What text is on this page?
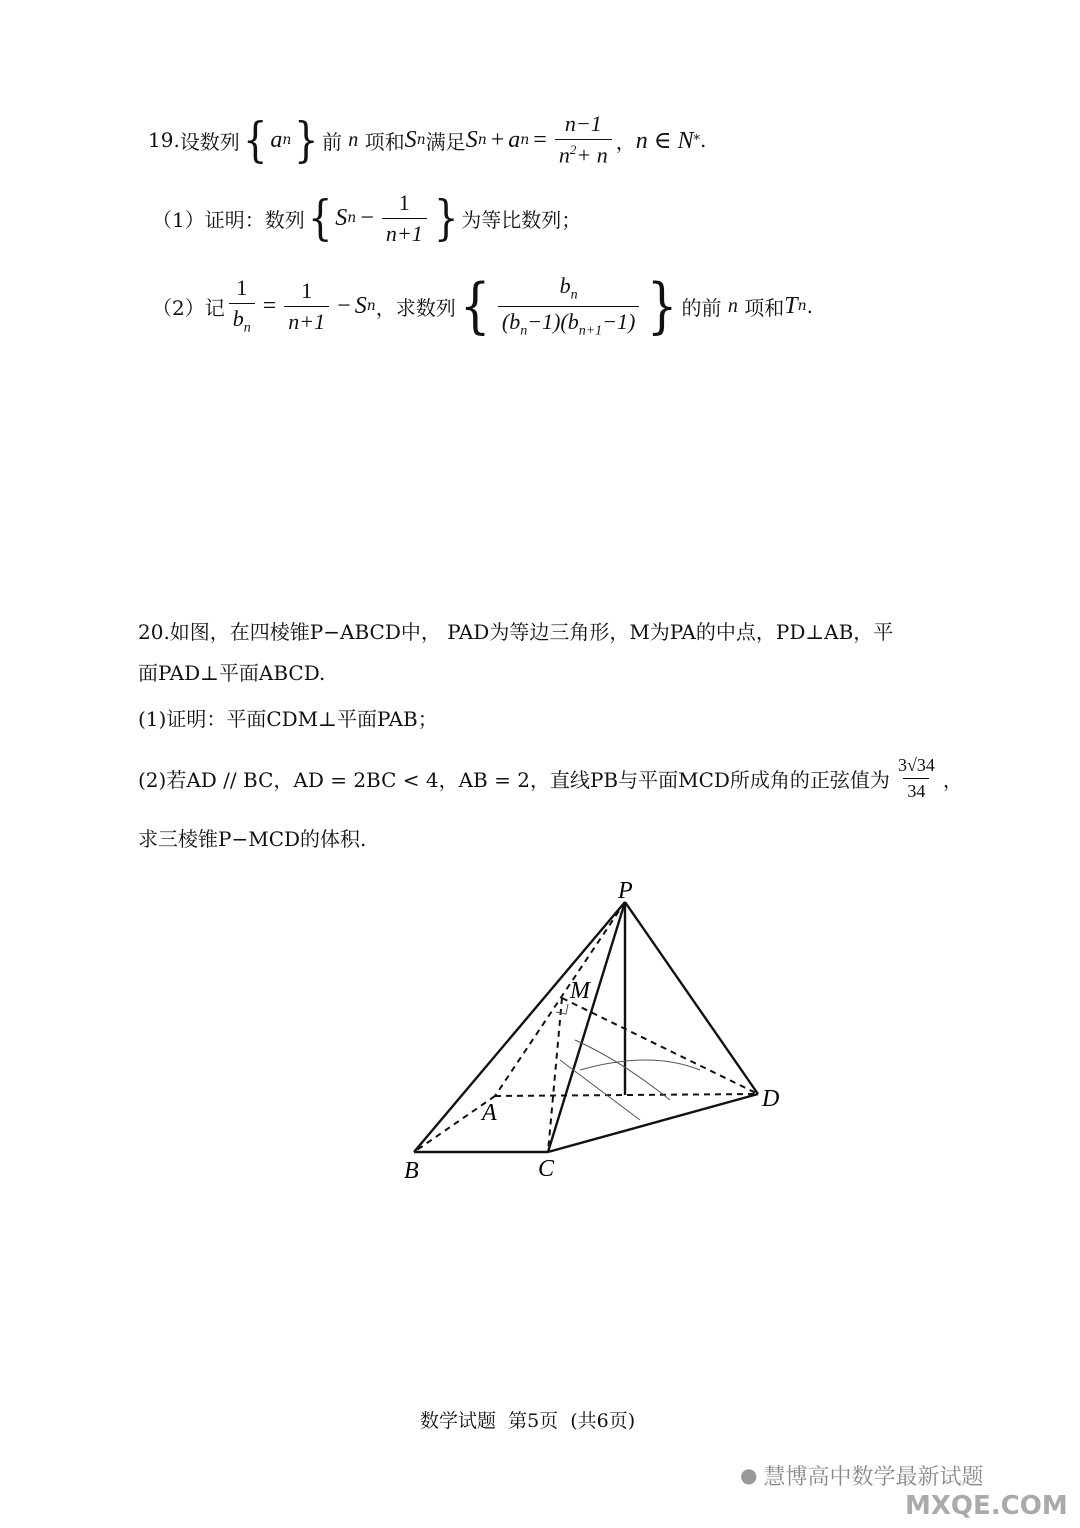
19. 设数列 { a n } 前
n
项和 S n 满足 S n + a $n = \frac{n-1}{n^2+ n}$ ， n ∈ N * .
（1）证明：数列 { S $n - \frac{1}{n+1}$ } 为等比数列；
（2）记 $\frac{1}{b_n} = \frac{1}{n+1} - S$ n ，求数列 { $\frac{b_n}{(b_n-1)(b_{n+1}-1)}$ } 的前
n
项和 T n .
20.如图，在四棱锥P−ABCD中， PAD为等边三角形，M为PA的中点，PD⊥AB，平
面PAD⊥平面ABCD.
(1)证明：平面CDM⊥平面PAB；
(2)若AD // BC，AD = 2BC < 4，AB = 2，直线PB与平面MCD所成角的正弦值为 $\frac{3√34}{34}$ ，
求三棱锥P−MCD的体积.
P
M
A
D
B	C
数学试题  第5页  (共6页)
● 慧博高中数学最新试题
MXQE.COM
